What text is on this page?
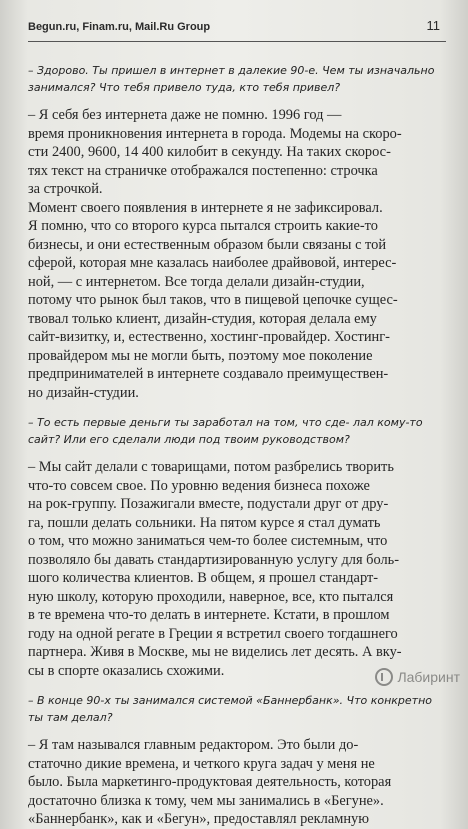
Begun.ru, Finam.ru, Mail.Ru Group	11
– Здорово. Ты пришел в интернет в далекие 90-е. Чем ты изначально занимался? Что тебя привело туда, кто тебя привел?
– Я себя без интернета даже не помню. 1996 год —
время проникновения интернета в города. Модемы на скоро-
сти 2400, 9600, 14 400 килобит в секунду. На таких скорос-
тях текст на страничке отображался постепенно: строчка
за строчкой.
Момент своего появления в интернете я не зафиксировал.
Я помню, что со второго курса пытался строить какие-то
бизнесы, и они естественным образом были связаны с той
сферой, которая мне казалась наиболее драйвовой, интерес-
ной, — с интернетом. Все тогда делали дизайн-студии,
потому что рынок был таков, что в пищевой цепочке сущес-
твовал только клиент, дизайн-студия, которая делала ему
сайт-визитку, и, естественно, хостинг-провайдер. Хостинг-
провайдером мы не могли быть, поэтому мое поколение
предпринимателей в интернете создавало преимуществен-
но дизайн-студии.
– То есть первые деньги ты заработал на том, что сде- лал кому-то сайт? Или его сделали люди под твоим руководством?
– Мы сайт делали с товарищами, потом разбрелись творить
что-то совсем свое. По уровню ведения бизнеса похоже
на рок-группу. Позажигали вместе, подустали друг от дру-
га, пошли делать сольники. На пятом курсе я стал думать
о том, что можно заниматься чем-то более системным, что
позволяло бы давать стандартизированную услугу для боль-
шого количества клиентов. В общем, я прошел стандарт-
ную школу, которую проходили, наверное, все, кто пытался
в те времена что-то делать в интернете. Кстати, в прошлом
году на одной регате в Греции я встретил своего тогдашнего
партнера. Живя в Москве, мы не виделись лет десять. А вку-
сы в спорте оказались схожими.
– В конце 90-х ты занимался системой «Баннербанк». Что конкретно ты там делал?
– Я там назывался главным редактором. Это были до-
статочно дикие времена, и четкого круга задач у меня не
было. Была маркетинго-продуктовая деятельность, которая
достаточно близка к тому, чем мы занимались в «Бегуне».
«Баннербанк», как и «Бегун», предоставлял рекламную
Лабиринт
